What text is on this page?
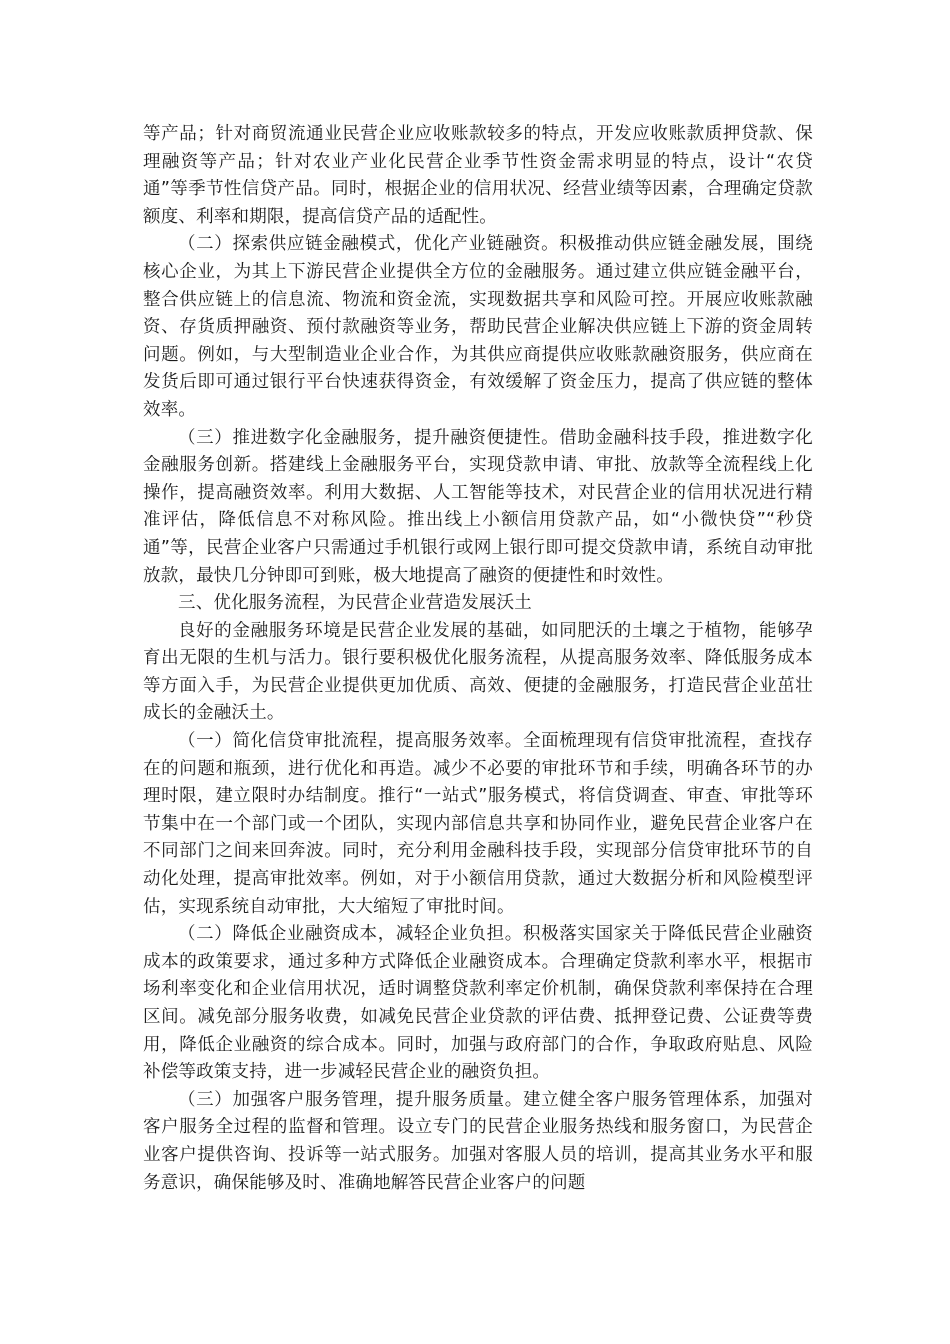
等产品；针对商贸流通业民营企业应收账款较多的特点，开发应收账款质押贷款、保理融资等产品；针对农业产业化民营企业季节性资金需求明显的特点，设计“农贷通”等季节性信贷产品。同时，根据企业的信用状况、经营业绩等因素，合理确定贷款额度、利率和期限，提高信贷产品的适配性。

（二）探索供应链金融模式，优化产业链融资。积极推动供应链金融发展，围绕核心企业，为其上下游民营企业提供全方位的金融服务。通过建立供应链金融平台，整合供应链上的信息流、物流和资金流，实现数据共享和风险可控。开展应收账款融资、存货质押融资、预付款融资等业务，帮助民营企业解决供应链上下游的资金周转问题。例如，与大型制造业企业合作，为其供应商提供应收账款融资服务，供应商在发货后即可通过银行平台快速获得资金，有效缓解了资金压力，提高了供应链的整体效率。

（三）推进数字化金融服务，提升融资便捷性。借助金融科技手段，推进数字化金融服务创新。搭建线上金融服务平台，实现贷款申请、审批、放款等全流程线上化操作，提高融资效率。利用大数据、人工智能等技术，对民营企业的信用状况进行精准评估，降低信息不对称风险。推出线上小额信用贷款产品，如“小微快贷”“秒贷通”等，民营企业客户只需通过手机银行或网上银行即可提交贷款申请，系统自动审批放款，最快几分钟即可到账，极大地提高了融资的便捷性和时效性。

三、优化服务流程，为民营企业营造发展沃土

良好的金融服务环境是民营企业发展的基础，如同肥沃的土壤之于植物，能够孕育出无限的生机与活力。银行要积极优化服务流程，从提高服务效率、降低服务成本等方面入手，为民营企业提供更加优质、高效、便捷的金融服务，打造民营企业茁壮成长的金融沃土。

（一）简化信贷审批流程，提高服务效率。全面梳理现有信贷审批流程，查找存在的问题和瓶颈，进行优化和再造。减少不必要的审批环节和手续，明确各环节的办理时限，建立限时办结制度。推行“一站式”服务模式，将信贷调查、审查、审批等环节集中在一个部门或一个团队，实现内部信息共享和协同作业，避免民营企业客户在不同部门之间来回奔波。同时，充分利用金融科技手段，实现部分信贷审批环节的自动化处理，提高审批效率。例如，对于小额信用贷款，通过大数据分析和风险模型评估，实现系统自动审批，大大缩短了审批时间。

（二）降低企业融资成本，减轻企业负担。积极落实国家关于降低民营企业融资成本的政策要求，通过多种方式降低企业融资成本。合理确定贷款利率水平，根据市场利率变化和企业信用状况，适时调整贷款利率定价机制，确保贷款利率保持在合理区间。减免部分服务收费，如减免民营企业贷款的评估费、抵押登记费、公证费等费用，降低企业融资的综合成本。同时，加强与政府部门的合作，争取政府贴息、风险补偿等政策支持，进一步减轻民营企业的融资负担。

（三）加强客户服务管理，提升服务质量。建立健全客户服务管理体系，加强对客户服务全过程的监督和管理。设立专门的民营企业服务热线和服务窗口，为民营企业客户提供咨询、投诉等一站式服务。加强对客服人员的培训，提高其业务水平和服务意识，确保能够及时、准确地解答民营企业客户的问题
